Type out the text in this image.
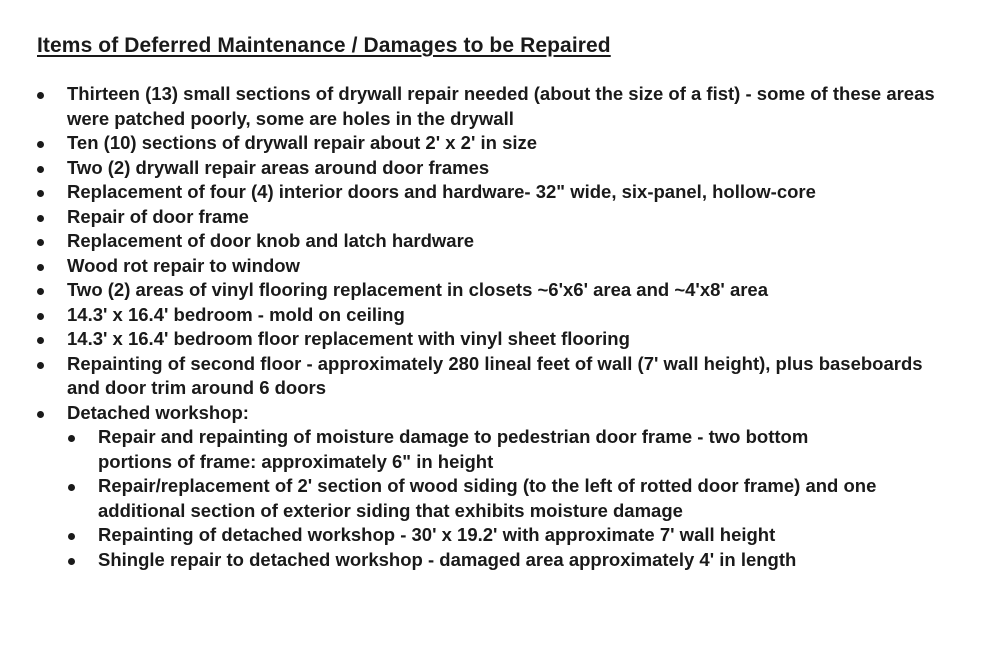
Items of Deferred Maintenance / Damages to be Repaired
Thirteen (13) small sections of drywall repair needed (about the size of a fist) - some of these areas were patched poorly, some are holes in the drywall
Ten (10) sections of drywall repair about 2' x 2' in size
Two (2) drywall repair areas around door frames
Replacement of four (4) interior doors and hardware- 32" wide, six-panel, hollow-core
Repair of door frame
Replacement of door knob and latch hardware
Wood rot repair to window
Two (2) areas of vinyl flooring replacement in closets ~6'x6' area and ~4'x8' area
14.3' x 16.4' bedroom - mold on ceiling
14.3' x 16.4' bedroom floor replacement with vinyl sheet flooring
Repainting of second floor - approximately 280 lineal feet of wall (7' wall height), plus baseboards and door trim around 6 doors
Detached workshop:
Repair and repainting of moisture damage to pedestrian door frame - two bottom portions of frame: approximately 6" in height
Repair/replacement of 2' section of wood siding (to the left of rotted door frame) and one additional section of exterior siding that exhibits moisture damage
Repainting of detached workshop - 30' x 19.2' with approximate 7' wall height
Shingle repair to detached workshop - damaged area approximately 4' in length
